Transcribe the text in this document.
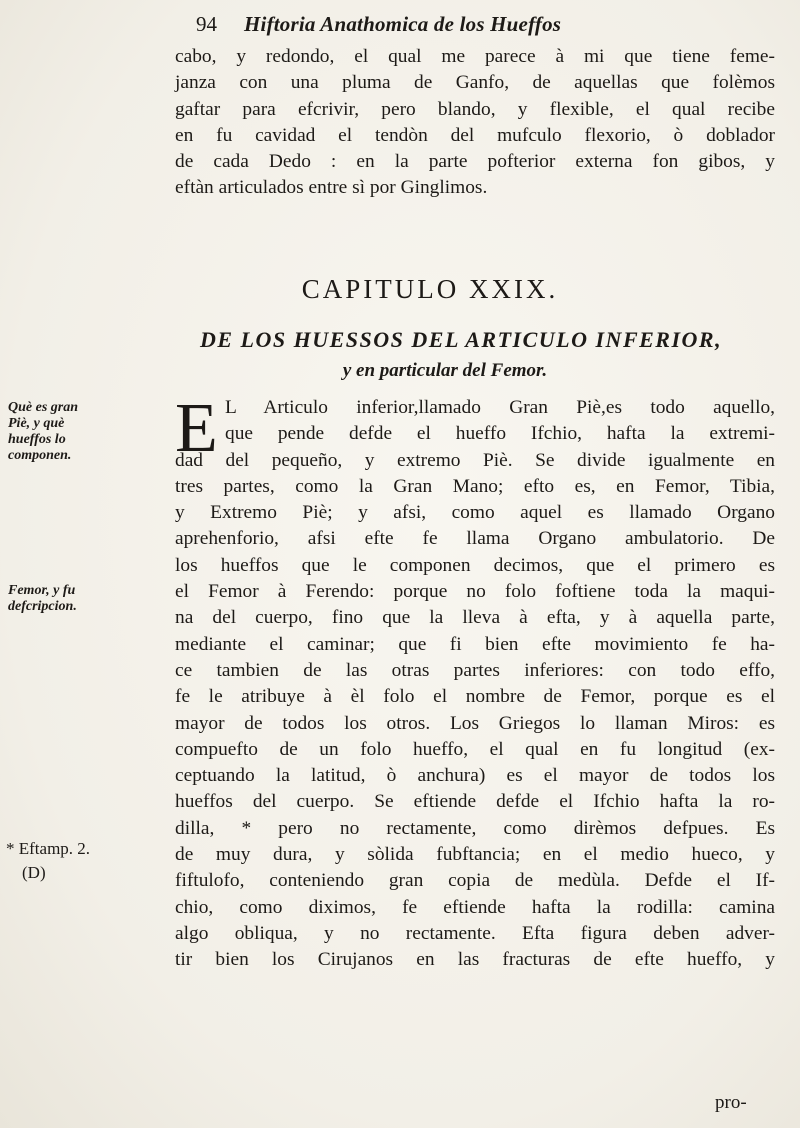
94 Hiftoria Anathomica de los Hueffos
cabo, y redondo, el qual me parece à mi que tiene feme-
janza con una pluma de Ganfo, de aquellas que folèmos
gaftar para efcrivir, pero blando, y flexible, el qual recibe
en fu cavidad el tendòn del mufculo flexorio, ò doblador
de cada Dedo : en la parte pofterior externa fon gibos, y
eftàn articulados entre sì por Ginglimos.
CAPITULO XXIX.
DE LOS HUESSOS DEL ARTICULO INFERIOR,
y en particular del Femor.
E L Articulo inferior,llamado Gran Piè,es todo aquello,
que pende defde el hueffo Ifchio, hafta la extremi-
dad del pequeño, y extremo Piè. Se divide igualmente en
tres partes, como la Gran Mano; efto es, en Femor, Tibia,
y Extremo Piè; y afsi, como aquel es llamado Organo
aprehenforio, afsi efte fe llama Organo ambulatorio. De
los hueffos que le componen decimos, que el primero es
el Femor à Ferendo: porque no folo foftiene toda la maqui-
na del cuerpo, fino que la lleva à efta, y à aquella parte,
mediante el caminar; que fi bien efte movimiento fe ha-
ce tambien de las otras partes inferiores: con todo effo,
fe le atribuye à èl folo el nombre de Femor, porque es el
mayor de todos los otros. Los Griegos lo llaman Miros: es
compuefto de un folo hueffo, el qual en fu longitud (ex-
ceptuando la latitud, ò anchura) es el mayor de todos los
hueffos del cuerpo. Se eftiende defde el Ifchio hafta la ro-
dilla, * pero no rectamente, como dirèmos defpues. Es
de muy dura, y sòlida fubftancia; en el medio hueco, y
fiftulofo, conteniendo gran copia de medùla. Defde el If-
chio, como diximos, fe eftiende hafta la rodilla: camina
algo obliqua, y no rectamente. Efta figura deben adver-
tir bien los Cirujanos en las fracturas de efte hueffo, y
Què es gran Piè, y què hueffos lo componen.
Femor, y fu defcripcion.
* Eftamp. 2.
(D)
pro-
